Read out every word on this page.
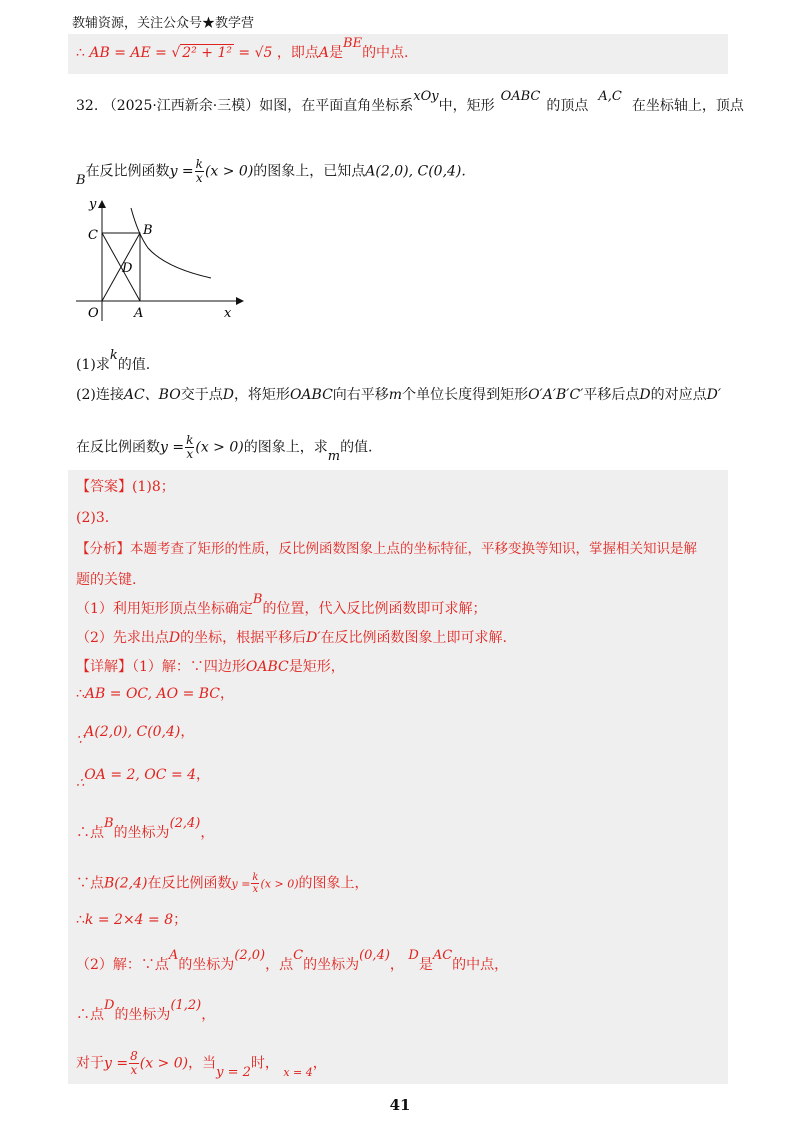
教辅资源，关注公众号★教学营
∴ AB = AE = √ 2² + 1² = √5 ，即点A是BE的中点.
32. （2025·江西新余·三模）如图，在平面直角坐标系xOy中，矩形OABC的顶点A,C在坐标轴上，顶点
B在反比例函数$y = \frac{k}{x} (x > 0)$的图象上，已知点A(2,0), C(0,4).
y
x
O	A
B
C
D
(1)求k的值.
(2)连接AC、BO交于点D，将矩形OABC向右平移m个单位长度得到矩形O′A′B′C′平移后点D的对应点D′
在反比例函数$y = \frac{k}{x} (x > 0)$的图象上，求m的值.
【答案】(1)8；
(2)3.
【分析】本题考查了矩形的性质，反比例函数图象上点的坐标特征，平移变换等知识，掌握相关知识是解
题的关键.
（1）利用矩形顶点坐标确定B的位置，代入反比例函数即可求解；
（2）先求出点D的坐标，根据平移后D′在反比例函数图象上即可求解.
【详解】（1）解：∵四边形OABC是矩形，
∴AB = OC, AO = BC，
∵A(2,0), C(0,4)，
∴OA = 2, OC = 4，
∴点B的坐标为(2,4)，
∵点B(2,4)在反比例函数$y = \frac{k}{x} (x > 0)$的图象上，
∴k = 2×4 = 8；
（2）解：∵点A的坐标为(2,0)，点C的坐标为(0,4)， D是AC的中点，
∴点D的坐标为(1,2)，
对于$y = \frac{8}{x} (x > 0)$，当y = 2时， x = 4，
41
